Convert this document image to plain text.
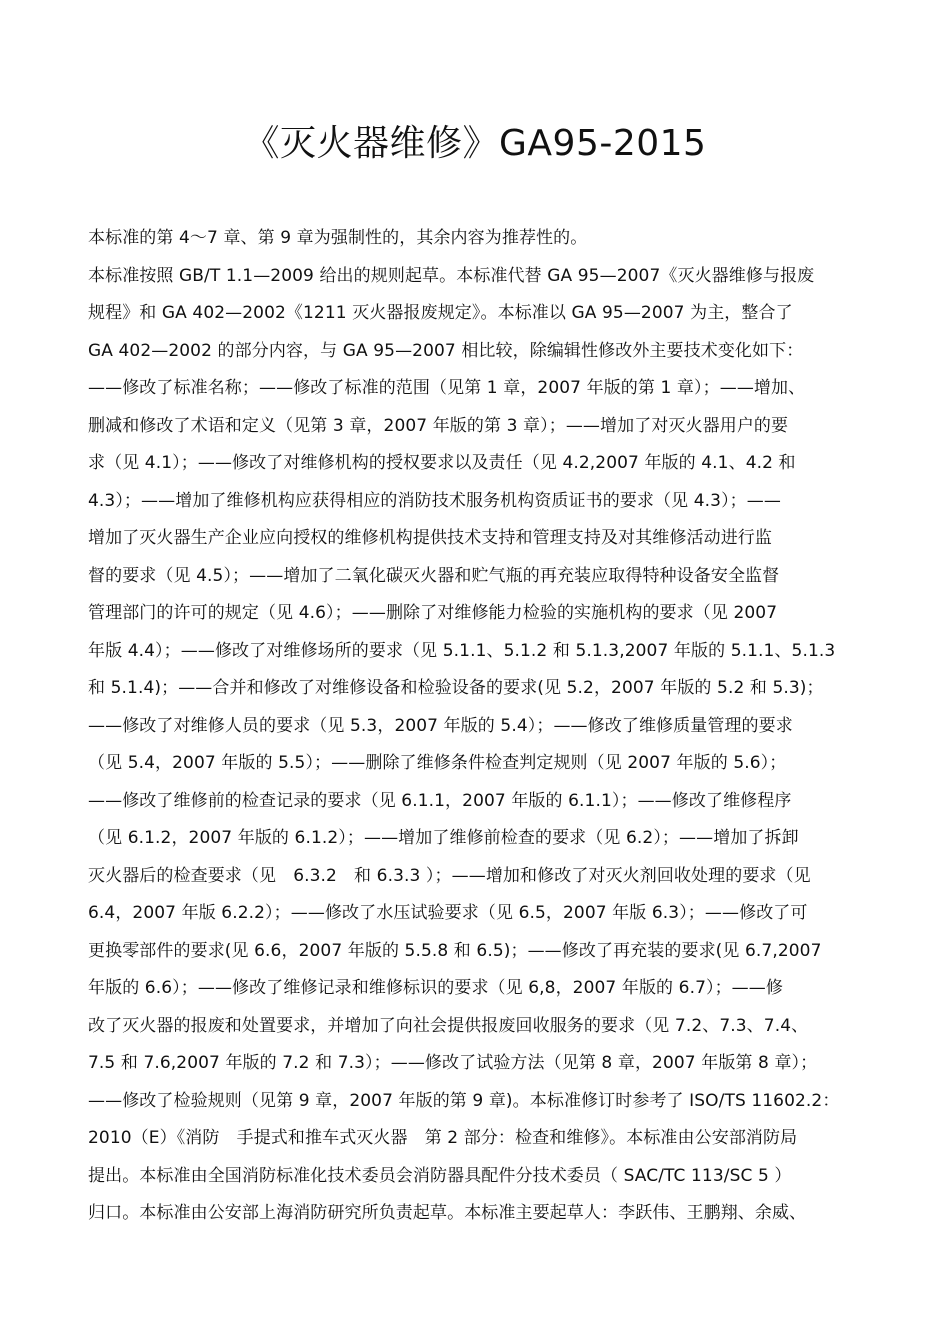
《灭火器维修》GA95-2015
本标准的第 4～7 章、第 9 章为强制性的，其余内容为推荐性的。
本标准按照 GB/T 1.1—2009 给出的规则起草。本标准代替 GA 95—2007《灭火器维修与报废
规程》和 GA 402—2002《1211 灭火器报废规定》。本标准以 GA 95—2007 为主，整合了
GA 402—2002 的部分内容，与 GA 95—2007 相比较，除编辑性修改外主要技术变化如下：
——修改了标准名称；——修改了标准的范围（见第 1 章，2007 年版的第 1 章）；——增加、
删减和修改了术语和定义（见第 3 章，2007 年版的第 3 章）；——增加了对灭火器用户的要
求（见 4.1）；——修改了对维修机构的授权要求以及责任（见 4.2,2007 年版的 4.1、4.2 和
4.3）；——增加了维修机构应获得相应的消防技术服务机构资质证书的要求（见 4.3）；——
增加了灭火器生产企业应向授权的维修机构提供技术支持和管理支持及对其维修活动进行监
督的要求（见 4.5）；——增加了二氧化碳灭火器和贮气瓶的再充装应取得特种设备安全监督
管理部门的许可的规定（见 4.6）；——删除了对维修能力检验的实施机构的要求（见 2007
年版 4.4）；——修改了对维修场所的要求（见 5.1.1、5.1.2 和 5.1.3,2007 年版的 5.1.1、5.1.3
和 5.1.4)；——合并和修改了对维修设备和检验设备的要求(见 5.2，2007 年版的 5.2 和 5.3)；
——修改了对维修人员的要求（见 5.3，2007 年版的 5.4）；——修改了维修质量管理的要求
（见 5.4，2007 年版的 5.5）；——删除了维修条件检查判定规则（见 2007 年版的 5.6）；
——修改了维修前的检查记录的要求（见 6.1.1，2007 年版的 6.1.1）；——修改了维修程序
（见 6.1.2，2007 年版的 6.1.2）；——增加了维修前检查的要求（见 6.2）；——增加了拆卸
灭火器后的检查要求（见　6.3.2　和 6.3.3 ）；——增加和修改了对灭火剂回收处理的要求（见
6.4，2007 年版 6.2.2）；——修改了水压试验要求（见 6.5，2007 年版 6.3）；——修改了可
更换零部件的要求(见 6.6，2007 年版的 5.5.8 和 6.5)；——修改了再充装的要求(见 6.7,2007
年版的 6.6）；——修改了维修记录和维修标识的要求（见 6,8，2007 年版的 6.7）；——修
改了灭火器的报废和处置要求，并增加了向社会提供报废回收服务的要求（见 7.2、7.3、7.4、
7.5 和 7.6,2007 年版的 7.2 和 7.3）；——修改了试验方法（见第 8 章，2007 年版第 8 章）；
——修改了检验规则（见第 9 章，2007 年版的第 9 章)。本标准修订时参考了 ISO/TS 11602.2：
2010（E）《消防　手提式和推车式灭火器　第 2 部分：检查和维修》。本标准由公安部消防局
提出。本标准由全国消防标准化技术委员会消防器具配件分技术委员（ SAC/TC 113/SC 5 ）
归口。本标准由公安部上海消防研究所负责起草。本标准主要起草人：李跃伟、王鹏翔、余威、
